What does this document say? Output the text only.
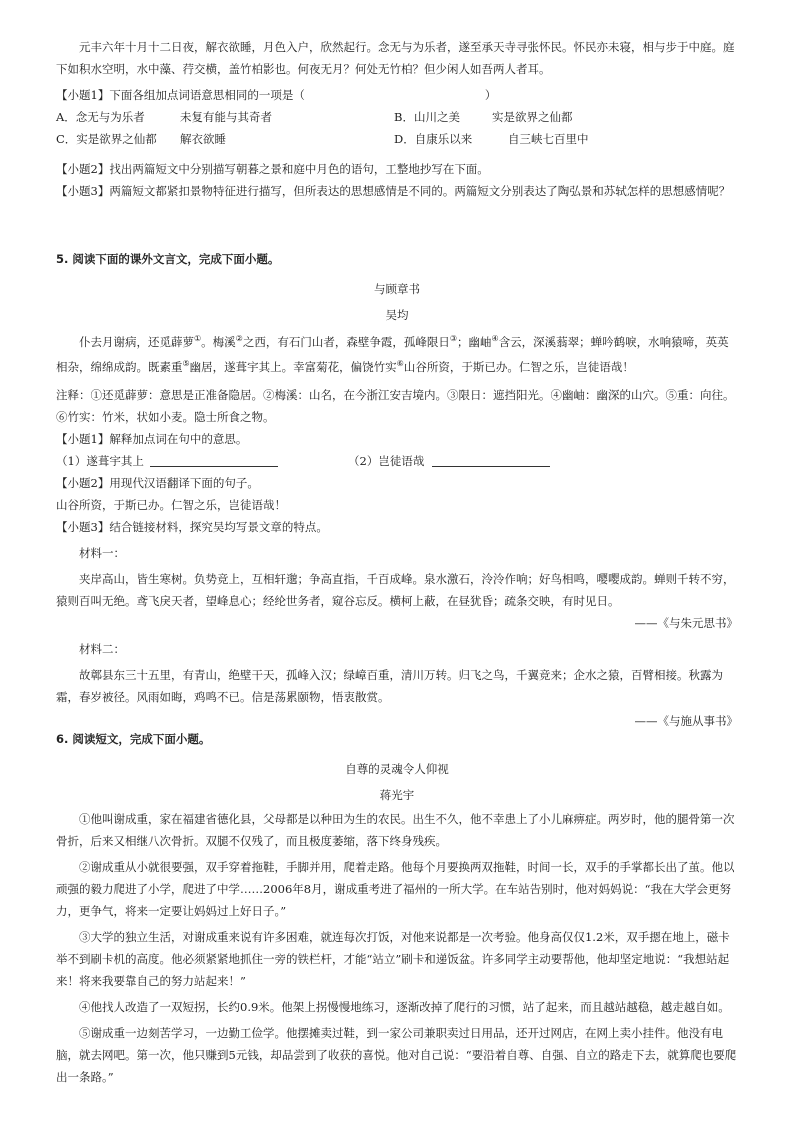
元丰六年十月十二日夜，解衣欲睡，月色入户，欣然起行。念无与为乐者，遂至承天寺寻张怀民。怀民亦未寝，相与步于中庭。庭下如积水空明，水中藻、荇交横，盖竹柏影也。何夜无月？何处无竹柏？但少闲人如吾两人者耳。

【小题1】下面各组加点词语意思相同的一项是（	）

A．念无与为乐者	未复有能与其奇者	B．山川之美	实是欲界之仙都
C．实是欲界之仙都 解衣欲睡	D．自康乐以来	自三峡七百里中

【小题2】找出两篇短文中分别描写朝暮之景和庭中月色的语句，工整地抄写在下面。

【小题3】两篇短文都紧扣景物特征进行描写，但所表达的思想感情是不同的。两篇短文分别表达了陶弘景和苏轼怎样的思想感情呢？

5. 阅读下面的课外文言文，完成下面小题。

与顾章书

吴均

仆去月谢病，还觅薜萝①。梅溪②之西，有石门山者，森壁争霞，孤峰限日③；幽岫④含云，深溪蓊翠；蝉吟鹤唳，水响猿啼，英英相杂，绵绵成韵。既素重⑤幽居，遂葺宇其上。幸富菊花，偏饶竹实⑥山谷所资，于斯已办。仁智之乐，岂徒语哉！

注释：①还觅薜萝：意思是正准备隐居。②梅溪：山名，在今浙江安吉境内。③限日：遮挡阳光。④幽岫：幽深的山穴。⑤重：向往。⑥竹实：竹米，状如小麦。隐士所食之物。

【小题1】解释加点词在句中的意思。

（1）遂葺宇其上	（2）岂徒语哉

【小题2】用现代汉语翻译下面的句子。

山谷所资，于斯已办。仁智之乐，岂徒语哉！

【小题3】结合链接材料，探究吴均写景文章的特点。

材料一：

夹岸高山，皆生寒树。负势竞上，互相轩邈；争高直指，千百成峰。泉水激石，泠泠作响；好鸟相鸣，嘤嘤成韵。蝉则千转不穷，猿则百叫无绝。鸢飞戾天者，望峰息心；经纶世务者，窥谷忘反。横柯上蔽，在昼犹昏；疏条交映，有时见日。

——《与朱元思书》

材料二：

故鄣县东三十五里，有青山，绝壁干天，孤峰入汉；绿嶂百重，清川万转。归飞之鸟，千翼竞来；企水之猿，百臂相接。秋露为霜，春岁被径。风雨如晦，鸡鸣不已。信是荡累颐物，悟衷散赏。

——《与施从事书》

6. 阅读短文，完成下面小题。

自尊的灵魂令人仰视

蒋光宇

①他叫谢成重，家在福建省德化县，父母都是以种田为生的农民。出生不久，他不幸患上了小儿麻痹症。两岁时，他的腿骨第一次骨折，后来又相继八次骨折。双腿不仅残了，而且极度萎缩，落下终身残疾。

②谢成重从小就很要强，双手穿着拖鞋，手脚并用，爬着走路。他每个月要换两双拖鞋，时间一长，双手的手掌都长出了茧。他以顽强的毅力爬进了小学，爬进了中学……2006年8月，谢成重考进了福州的一所大学。在车站告别时，他对妈妈说：“我在大学会更努力，更争气，将来一定要让妈妈过上好日子。”

③大学的独立生活，对谢成重来说有许多困难，就连每次打饭，对他来说都是一次考验。他身高仅仅1.2米，双手摁在地上，磁卡举不到刷卡机的高度。他必须紧紧地抓住一旁的铁栏杆，才能“站立”刷卡和递饭盆。许多同学主动要帮他，他却坚定地说：“我想站起来！将来我要靠自己的努力站起来！”

④他找人改造了一双短拐，长约0.9米。他架上拐慢慢地练习，逐渐改掉了爬行的习惯，站了起来，而且越站越稳，越走越自如。

⑤谢成重一边刻苦学习，一边勤工俭学。他摆摊卖过鞋，到一家公司兼职卖过日用品，还开过网店，在网上卖小挂件。他没有电脑，就去网吧。第一次，他只赚到5元钱，却品尝到了收获的喜悦。他对自己说：“要沿着自尊、自强、自立的路走下去，就算爬也要爬出一条路。”
